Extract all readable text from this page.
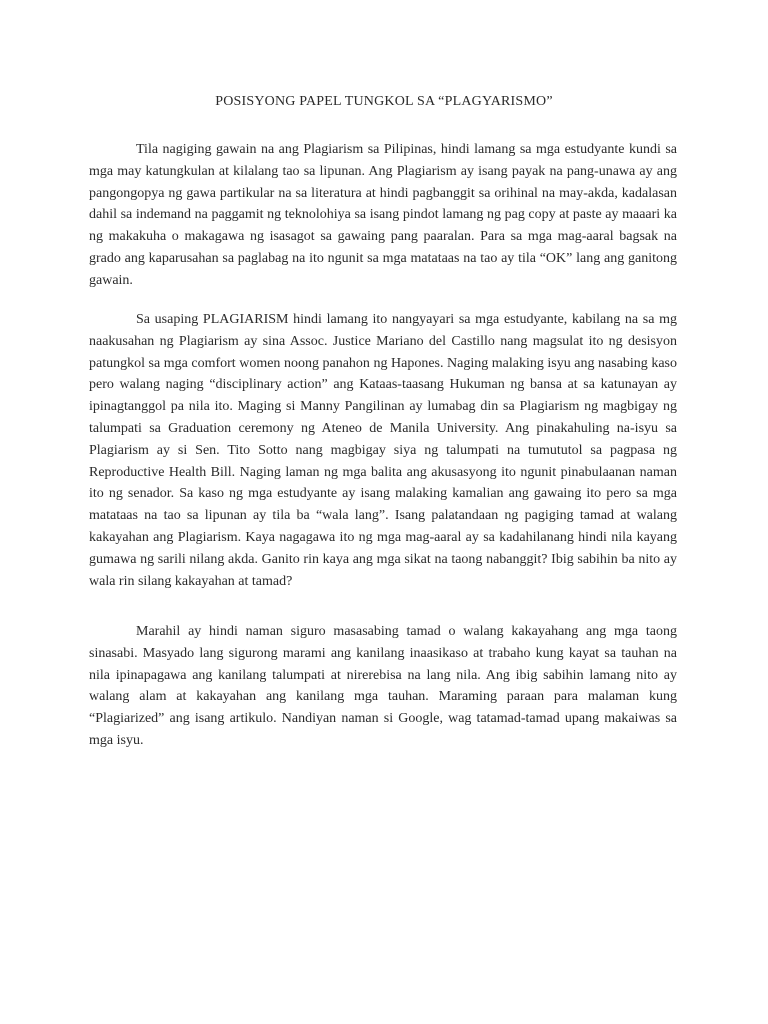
POSISYONG PAPEL TUNGKOL SA “PLAGYARISMO”

Tila nagiging gawain na ang Plagiarism sa Pilipinas, hindi lamang sa mga estudyante kundi sa mga may katungkulan at kilalang tao sa lipunan. Ang Plagiarism ay isang payak na pang-unawa ay ang pangongopya ng gawa partikular na sa literatura at hindi pagbanggit sa orihinal na may-akda, kadalasan dahil sa indemand na paggamit ng teknolohiya sa isang pindot lamang ng pag copy at paste ay maaari ka ng makakuha o makagawa ng isasagot sa gawaing pang paaralan. Para sa mga mag-aaral bagsak na grado ang kaparusahan sa paglabag na ito ngunit sa mga matataas na tao ay tila “OK” lang ang ganitong gawain.

Sa usaping PLAGIARISM hindi lamang ito nangyayari sa mga estudyante, kabilang na sa mg naakusahan ng Plagiarism ay sina Assoc. Justice Mariano del Castillo nang magsulat ito ng desisyon patungkol sa mga comfort women noong panahon ng Hapones. Naging malaking isyu ang nasabing kaso pero walang naging “disciplinary action” ang Kataas-taasang Hukuman ng bansa at sa katunayan ay ipinagtanggol pa nila ito. Maging si Manny Pangilinan ay lumabag din sa Plagiarism ng magbigay ng talumpati sa Graduation ceremony ng Ateneo de Manila University. Ang pinakahuling na-isyu sa Plagiarism ay si Sen. Tito Sotto nang magbigay siya ng talumpati na tumututol sa pagpasa ng Reproductive Health Bill. Naging laman ng mga balita ang akusasyong ito ngunit pinabulaanan naman ito ng senador. Sa kaso ng mga estudyante ay isang malaking kamalian ang gawaing ito pero sa mga matataas na tao sa lipunan ay tila ba “wala lang”. Isang palatandaan ng pagiging tamad at walang kakayahan ang Plagiarism. Kaya nagagawa ito ng mga mag-aaral ay sa kadahilanang hindi nila kayang gumawa ng sarili nilang akda. Ganito rin kaya ang mga sikat na taong nabanggit? Ibig sabihin ba nito ay wala rin silang kakayahan at tamad?

Marahil ay hindi naman siguro masasabing tamad o walang kakayahang ang mga taong sinasabi. Masyado lang sigurong marami ang kanilang inaasikaso at trabaho kung kayat sa tauhan na nila ipinapagawa ang kanilang talumpati at nirerebisa na lang nila. Ang ibig sabihin lamang nito ay walang alam at kakayahan ang kanilang mga tauhan. Maraming paraan para malaman kung “Plagiarized” ang isang artikulo. Nandiyan naman si Google, wag tatamad-tamad upang makaiwas sa mga isyu.
